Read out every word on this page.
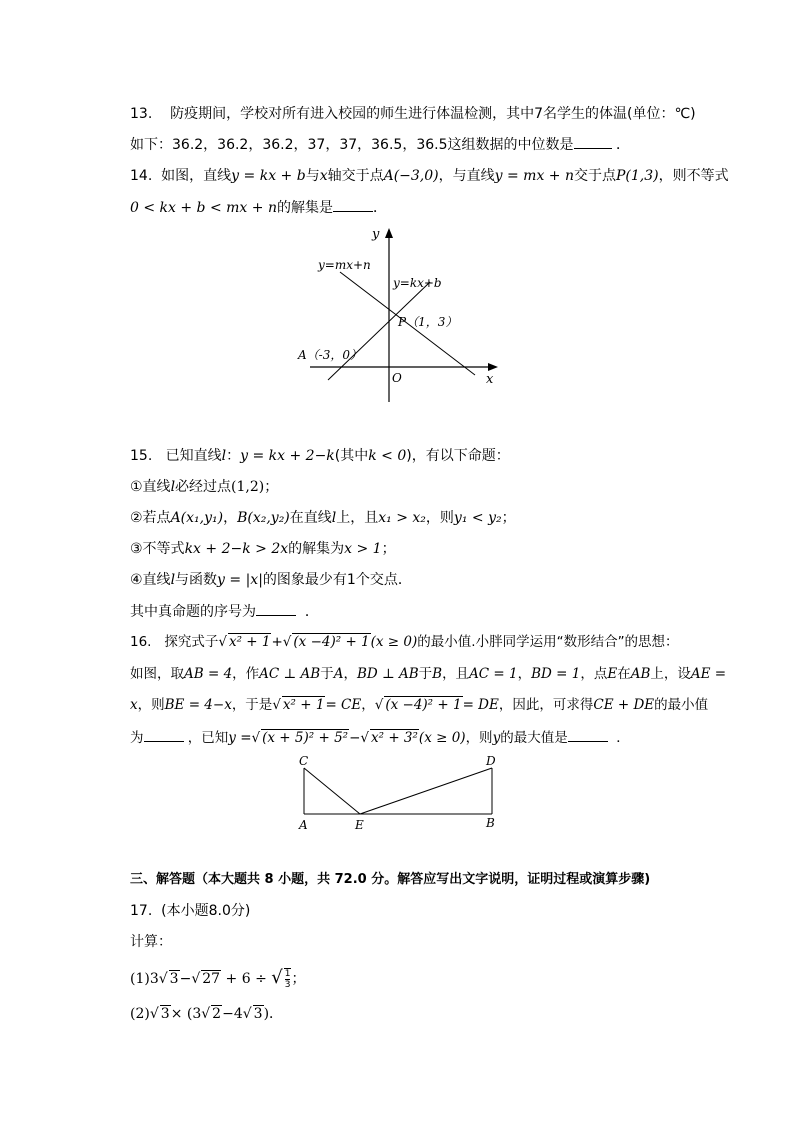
13. 防疫期间，学校对所有进入校园的师生进行体温检测，其中7名学生的体温(单位：℃)
如下：36.2，36.2，36.2，37，37，36.5，36.5这组数据的中位数是	．
14. 如图，直线y = kx + b与x轴交于点A(−3,0)，与直线y = mx + n交于点P(1,3)，则不等式
0 < kx + b < mx + n的解集是	．
y
x
O
y=mx+n
y=kx+b
P（1，3）
A（-3，0）
15. 已知直线l：y = kx + 2−k(其中k < 0)，有以下命题：
①直线l必经过点(1,2)；
②若点A(x₁,y₁)，B(x₂,y₂)在直线l上，且x₁ > x₂，则y₁ < y₂；
③不等式kx + 2−k > 2x的解集为x > 1；
④直线l与函数y = |x|的图象最少有1个交点．
其中真命题的序号为	．
16. 探究式子√ x² + 1+√ (x −4)² + 1(x ≥ 0)的最小值.小胖同学运用“数形结合”的思想：
如图，取AB = 4，作AC ⊥ AB于A，BD ⊥ AB于B，且AC = 1，BD = 1，点E在AB上，设AE =
x，则BE = 4−x，于是√ x² + 1= CE，√ (x −4)² + 1= DE，因此，可求得CE + DE的最小值
为	，已知y =√ (x + 5)² + 5²−√ x² + 3²(x ≥ 0)，则y的最大值是	．
C	D
A	E	B
三、解答题（本大题共 8 小题，共 72.0 分。解答应写出文字说明，证明过程或演算步骤)
17. (本小题8.0分)
计算：
(1)3√ 3−√ 27 + 6 ÷ √ $\frac{1}{3}$ ；
(2)√ 3× (3√ 2−4√ 3)．
